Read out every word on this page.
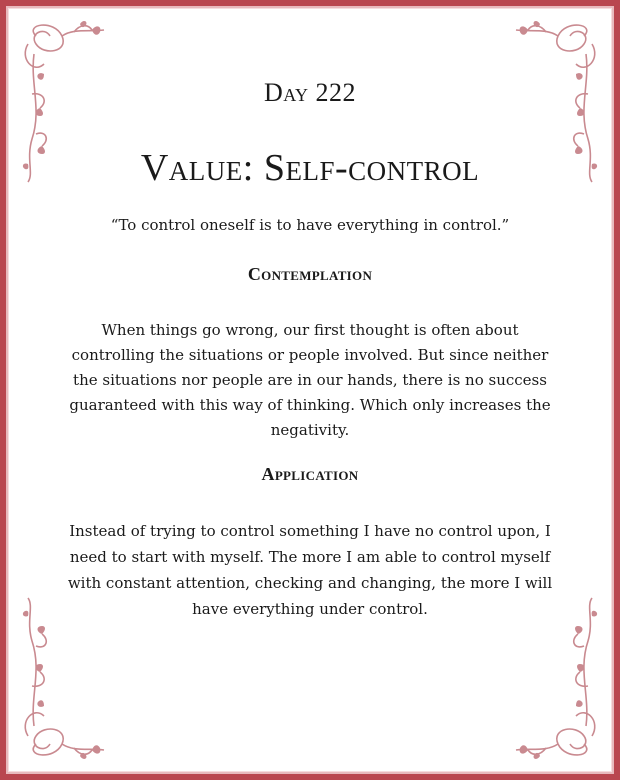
Day 222
Value: Self-control
“To control oneself is to have everything in control.”
Contemplation
When things go wrong, our first thought is often about controlling the situations or people involved. But since neither the situations nor people are in our hands, there is no success guaranteed with this way of thinking. Which only increases the negativity.
Application
Instead of trying to control something I have no control upon, I need to start with myself. The more I am able to control myself with constant attention, checking and changing, the more I will have everything under control.
